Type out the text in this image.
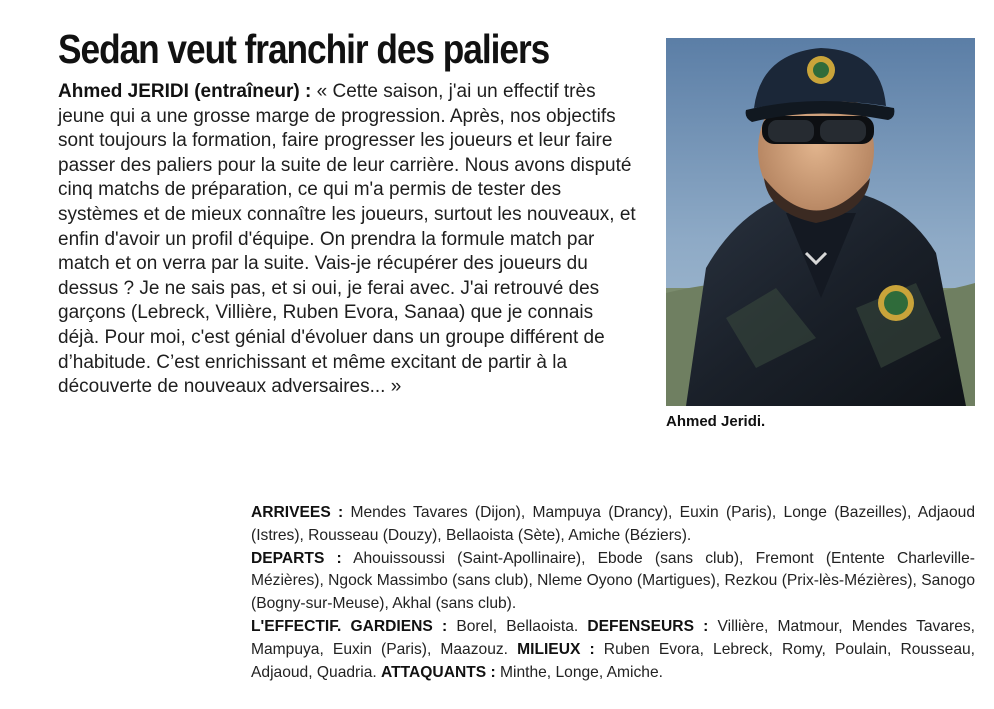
Sedan veut franchir des paliers

Ahmed JERIDI (entraîneur) : « Cette saison, j'ai un effectif très jeune qui a une grosse marge de progression. Après, nos objectifs sont toujours la formation, faire progresser les joueurs et leur faire passer des paliers pour la suite de leur carrière. Nous avons disputé cinq matchs de préparation, ce qui m'a permis de tester des systèmes et de mieux connaître les joueurs, surtout les nouveaux, et enfin d'avoir un profil d'équipe. On prendra la formule match par match et on verra par la suite. Vais-je récupérer des joueurs du dessus ? Je ne sais pas, et si oui, je ferai avec. J'ai retrouvé des garçons (Lebreck, Villière, Ruben Evora, Sanaa) que je connais déjà. Pour moi, c'est génial d'évoluer dans un groupe différent de d’habitude. C’est enrichissant et même excitant de partir à la découverte de nouveaux adversaires... »

Ahmed Jeridi.

ARRIVEES : Mendes Tavares (Dijon), Mampuya (Drancy), Euxin (Paris), Longe (Bazeilles), Adjaoud (Istres), Rousseau (Douzy), Bellaoista (Sète), Amiche (Béziers).
DEPARTS : Ahouissoussi (Saint-Apollinaire), Ebode (sans club), Fremont (Entente Charleville-Mézières), Ngock Massimbo (sans club), Nleme Oyono (Martigues), Rezkou (Prix-lès-Mézières), Sanogo (Bogny-sur-Meuse), Akhal (sans club).
L'EFFECTIF. GARDIENS : Borel, Bellaoista. DEFENSEURS : Villière, Matmour, Mendes Tavares, Mampuya, Euxin (Paris), Maazouz. MILIEUX : Ruben Evora, Lebreck, Romy, Poulain, Rousseau, Adjaoud, Quadria. ATTAQUANTS : Minthe, Longe, Amiche.
